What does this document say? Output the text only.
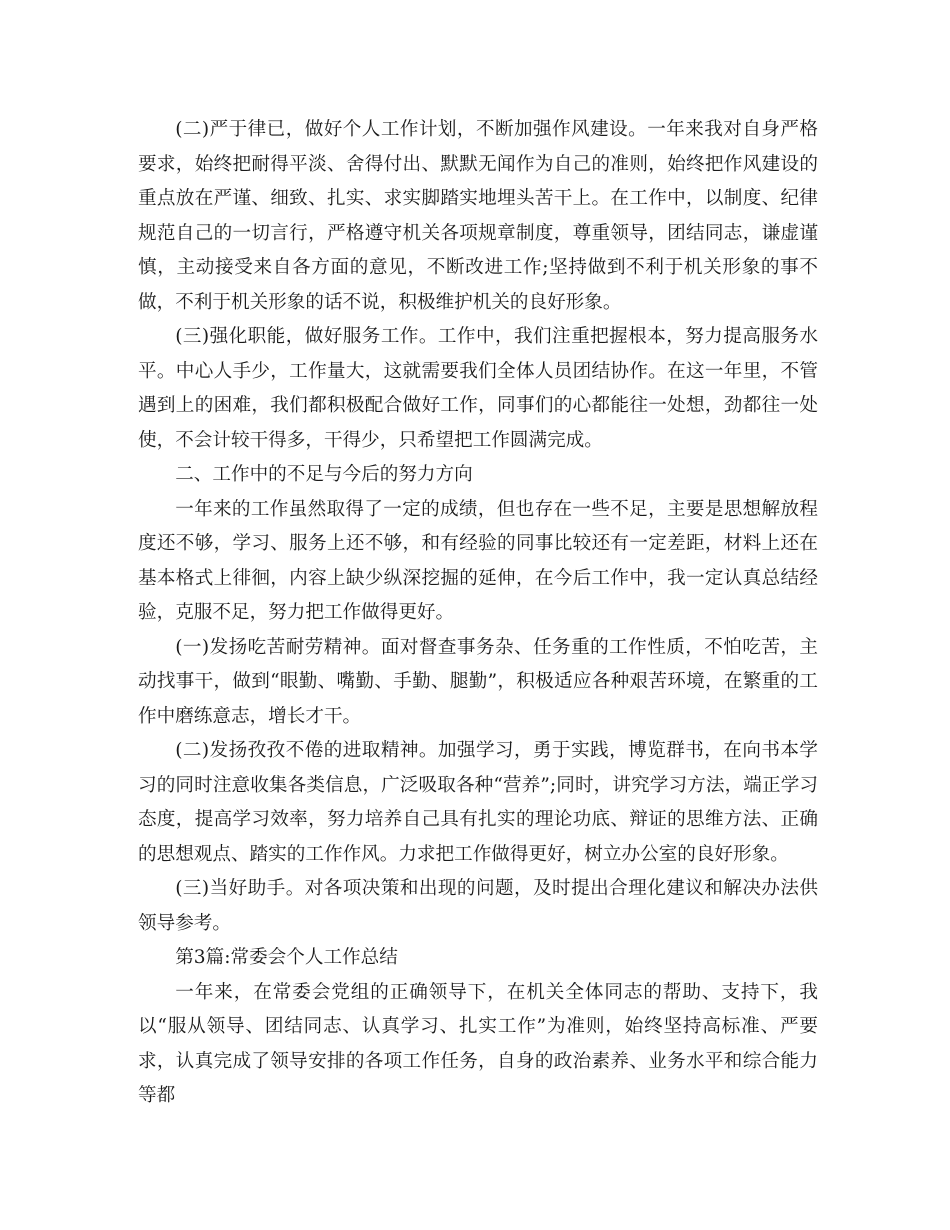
(二)严于律已，做好个人工作计划，不断加强作风建设。一年来我对自身严格要求，始终把耐得平淡、舍得付出、默默无闻作为自己的准则，始终把作风建设的重点放在严谨、细致、扎实、求实脚踏实地埋头苦干上。在工作中，以制度、纪律规范自己的一切言行，严格遵守机关各项规章制度，尊重领导，团结同志，谦虚谨慎，主动接受来自各方面的意见，不断改进工作;坚持做到不利于机关形象的事不做，不利于机关形象的话不说，积极维护机关的良好形象。

(三)强化职能，做好服务工作。工作中，我们注重把握根本，努力提高服务水平。中心人手少，工作量大，这就需要我们全体人员团结协作。在这一年里，不管遇到上的困难，我们都积极配合做好工作，同事们的心都能往一处想，劲都往一处使，不会计较干得多，干得少，只希望把工作圆满完成。

二、工作中的不足与今后的努力方向

一年来的工作虽然取得了一定的成绩，但也存在一些不足，主要是思想解放程度还不够，学习、服务上还不够，和有经验的同事比较还有一定差距，材料上还在基本格式上徘徊，内容上缺少纵深挖掘的延伸，在今后工作中，我一定认真总结经验，克服不足，努力把工作做得更好。

(一)发扬吃苦耐劳精神。面对督查事务杂、任务重的工作性质，不怕吃苦，主动找事干，做到“眼勤、嘴勤、手勤、腿勤”，积极适应各种艰苦环境，在繁重的工作中磨练意志，增长才干。

(二)发扬孜孜不倦的进取精神。加强学习，勇于实践，博览群书，在向书本学习的同时注意收集各类信息，广泛吸取各种“营养”;同时，讲究学习方法，端正学习态度，提高学习效率，努力培养自己具有扎实的理论功底、辩证的思维方法、正确的思想观点、踏实的工作作风。力求把工作做得更好，树立办公室的良好形象。

(三)当好助手。对各项决策和出现的问题，及时提出合理化建议和解决办法供领导参考。

第3篇:常委会个人工作总结

一年来，在常委会党组的正确领导下，在机关全体同志的帮助、支持下，我以“服从领导、团结同志、认真学习、扎实工作”为准则，始终坚持高标准、严要求，认真完成了领导安排的各项工作任务，自身的政治素养、业务水平和综合能力等都
